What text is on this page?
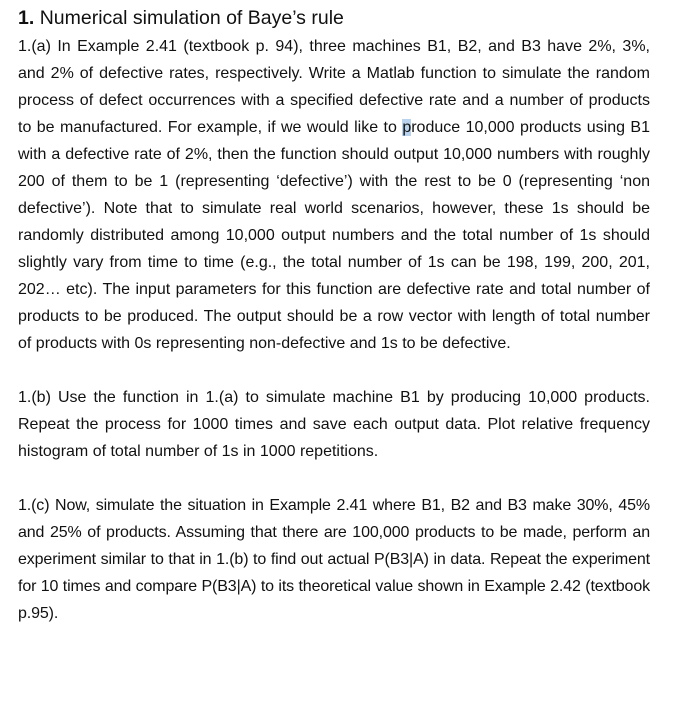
1. Numerical simulation of Baye’s rule

1.(a) In Example 2.41 (textbook p. 94), three machines B1, B2, and B3 have 2%, 3%, and 2% of defective rates, respectively. Write a Matlab function to simulate the random process of defect occurrences with a specified defective rate and a number of products to be manufactured. For example, if we would like to produce 10,000 products using B1 with a defective rate of 2%, then the function should output 10,000 numbers with roughly 200 of them to be 1 (representing ‘defective’) with the rest to be 0 (representing ‘non defective’). Note that to simulate real world scenarios, however, these 1s should be randomly distributed among 10,000 output numbers and the total number of 1s should slightly vary from time to time (e.g., the total number of 1s can be 198, 199, 200, 201, 202… etc). The input parameters for this function are defective rate and total number of products to be produced. The output should be a row vector with length of total number of products with 0s representing non-defective and 1s to be defective.

1.(b) Use the function in 1.(a) to simulate machine B1 by producing 10,000 products. Repeat the process for 1000 times and save each output data. Plot relative frequency histogram of total number of 1s in 1000 repetitions.

1.(c) Now, simulate the situation in Example 2.41 where B1, B2 and B3 make 30%, 45% and 25% of products. Assuming that there are 100,000 products to be made, perform an experiment similar to that in 1.(b) to find out actual P(B3|A) in data. Repeat the experiment for 10 times and compare P(B3|A) to its theoretical value shown in Example 2.42 (textbook p.95).
